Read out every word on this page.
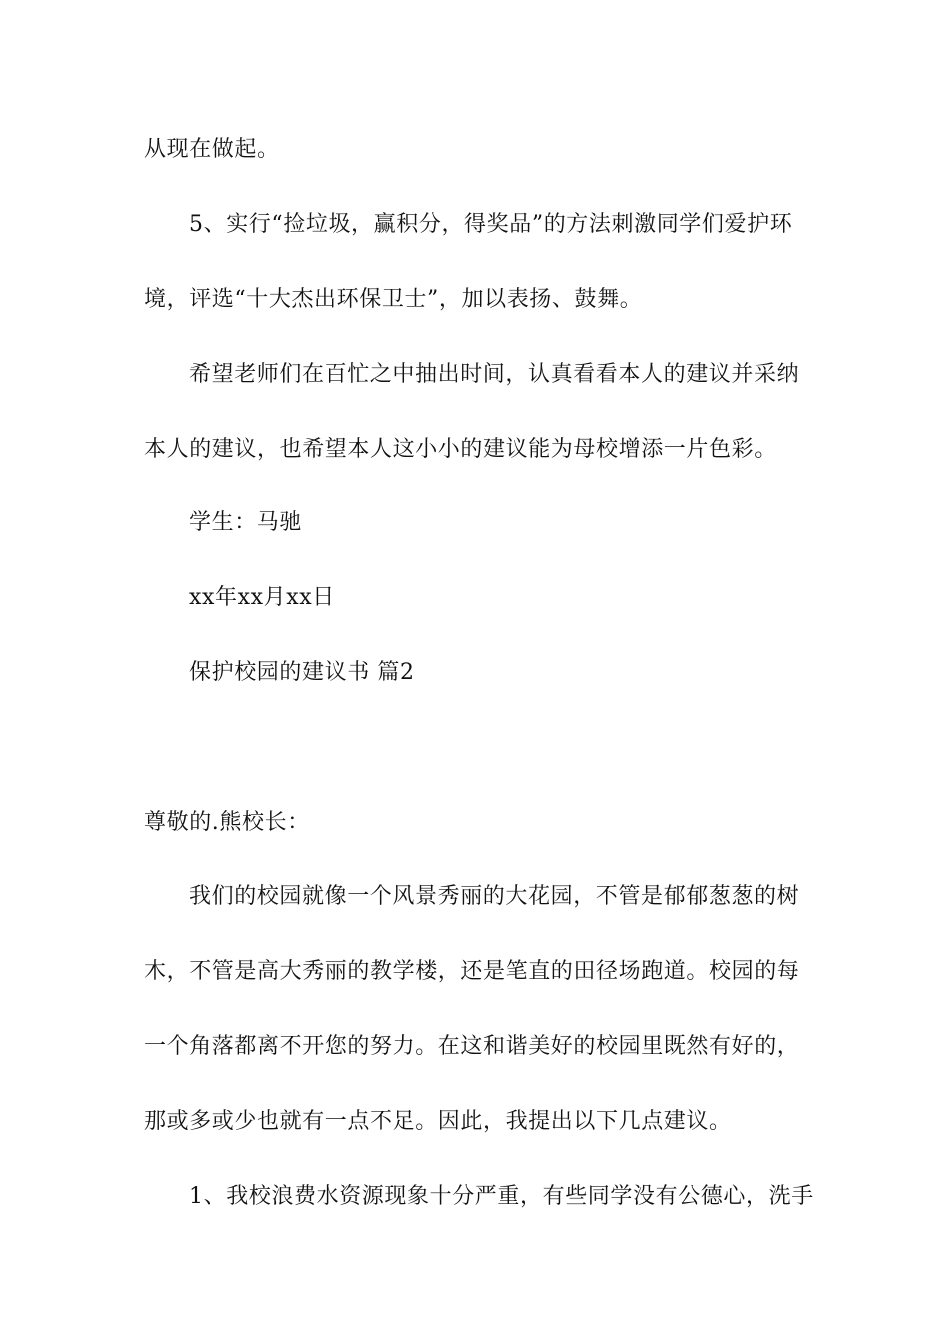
从现在做起。
5、实行“捡垃圾，赢积分，得奖品”的方法刺激同学们爱护环
境，评选“十大杰出环保卫士”，加以表扬、鼓舞。
希望老师们在百忙之中抽出时间，认真看看本人的建议并采纳
本人的建议，也希望本人这小小的建议能为母校增添一片色彩。
学生：马驰
xx年xx月xx日
保护校园的建议书 篇2
尊敬的.熊校长：
我们的校园就像一个风景秀丽的大花园，不管是郁郁葱葱的树
木，不管是高大秀丽的教学楼，还是笔直的田径场跑道。校园的每
一个角落都离不开您的努力。在这和谐美好的校园里既然有好的，
那或多或少也就有一点不足。因此，我提出以下几点建议。
1、我校浪费水资源现象十分严重，有些同学没有公德心，洗手
